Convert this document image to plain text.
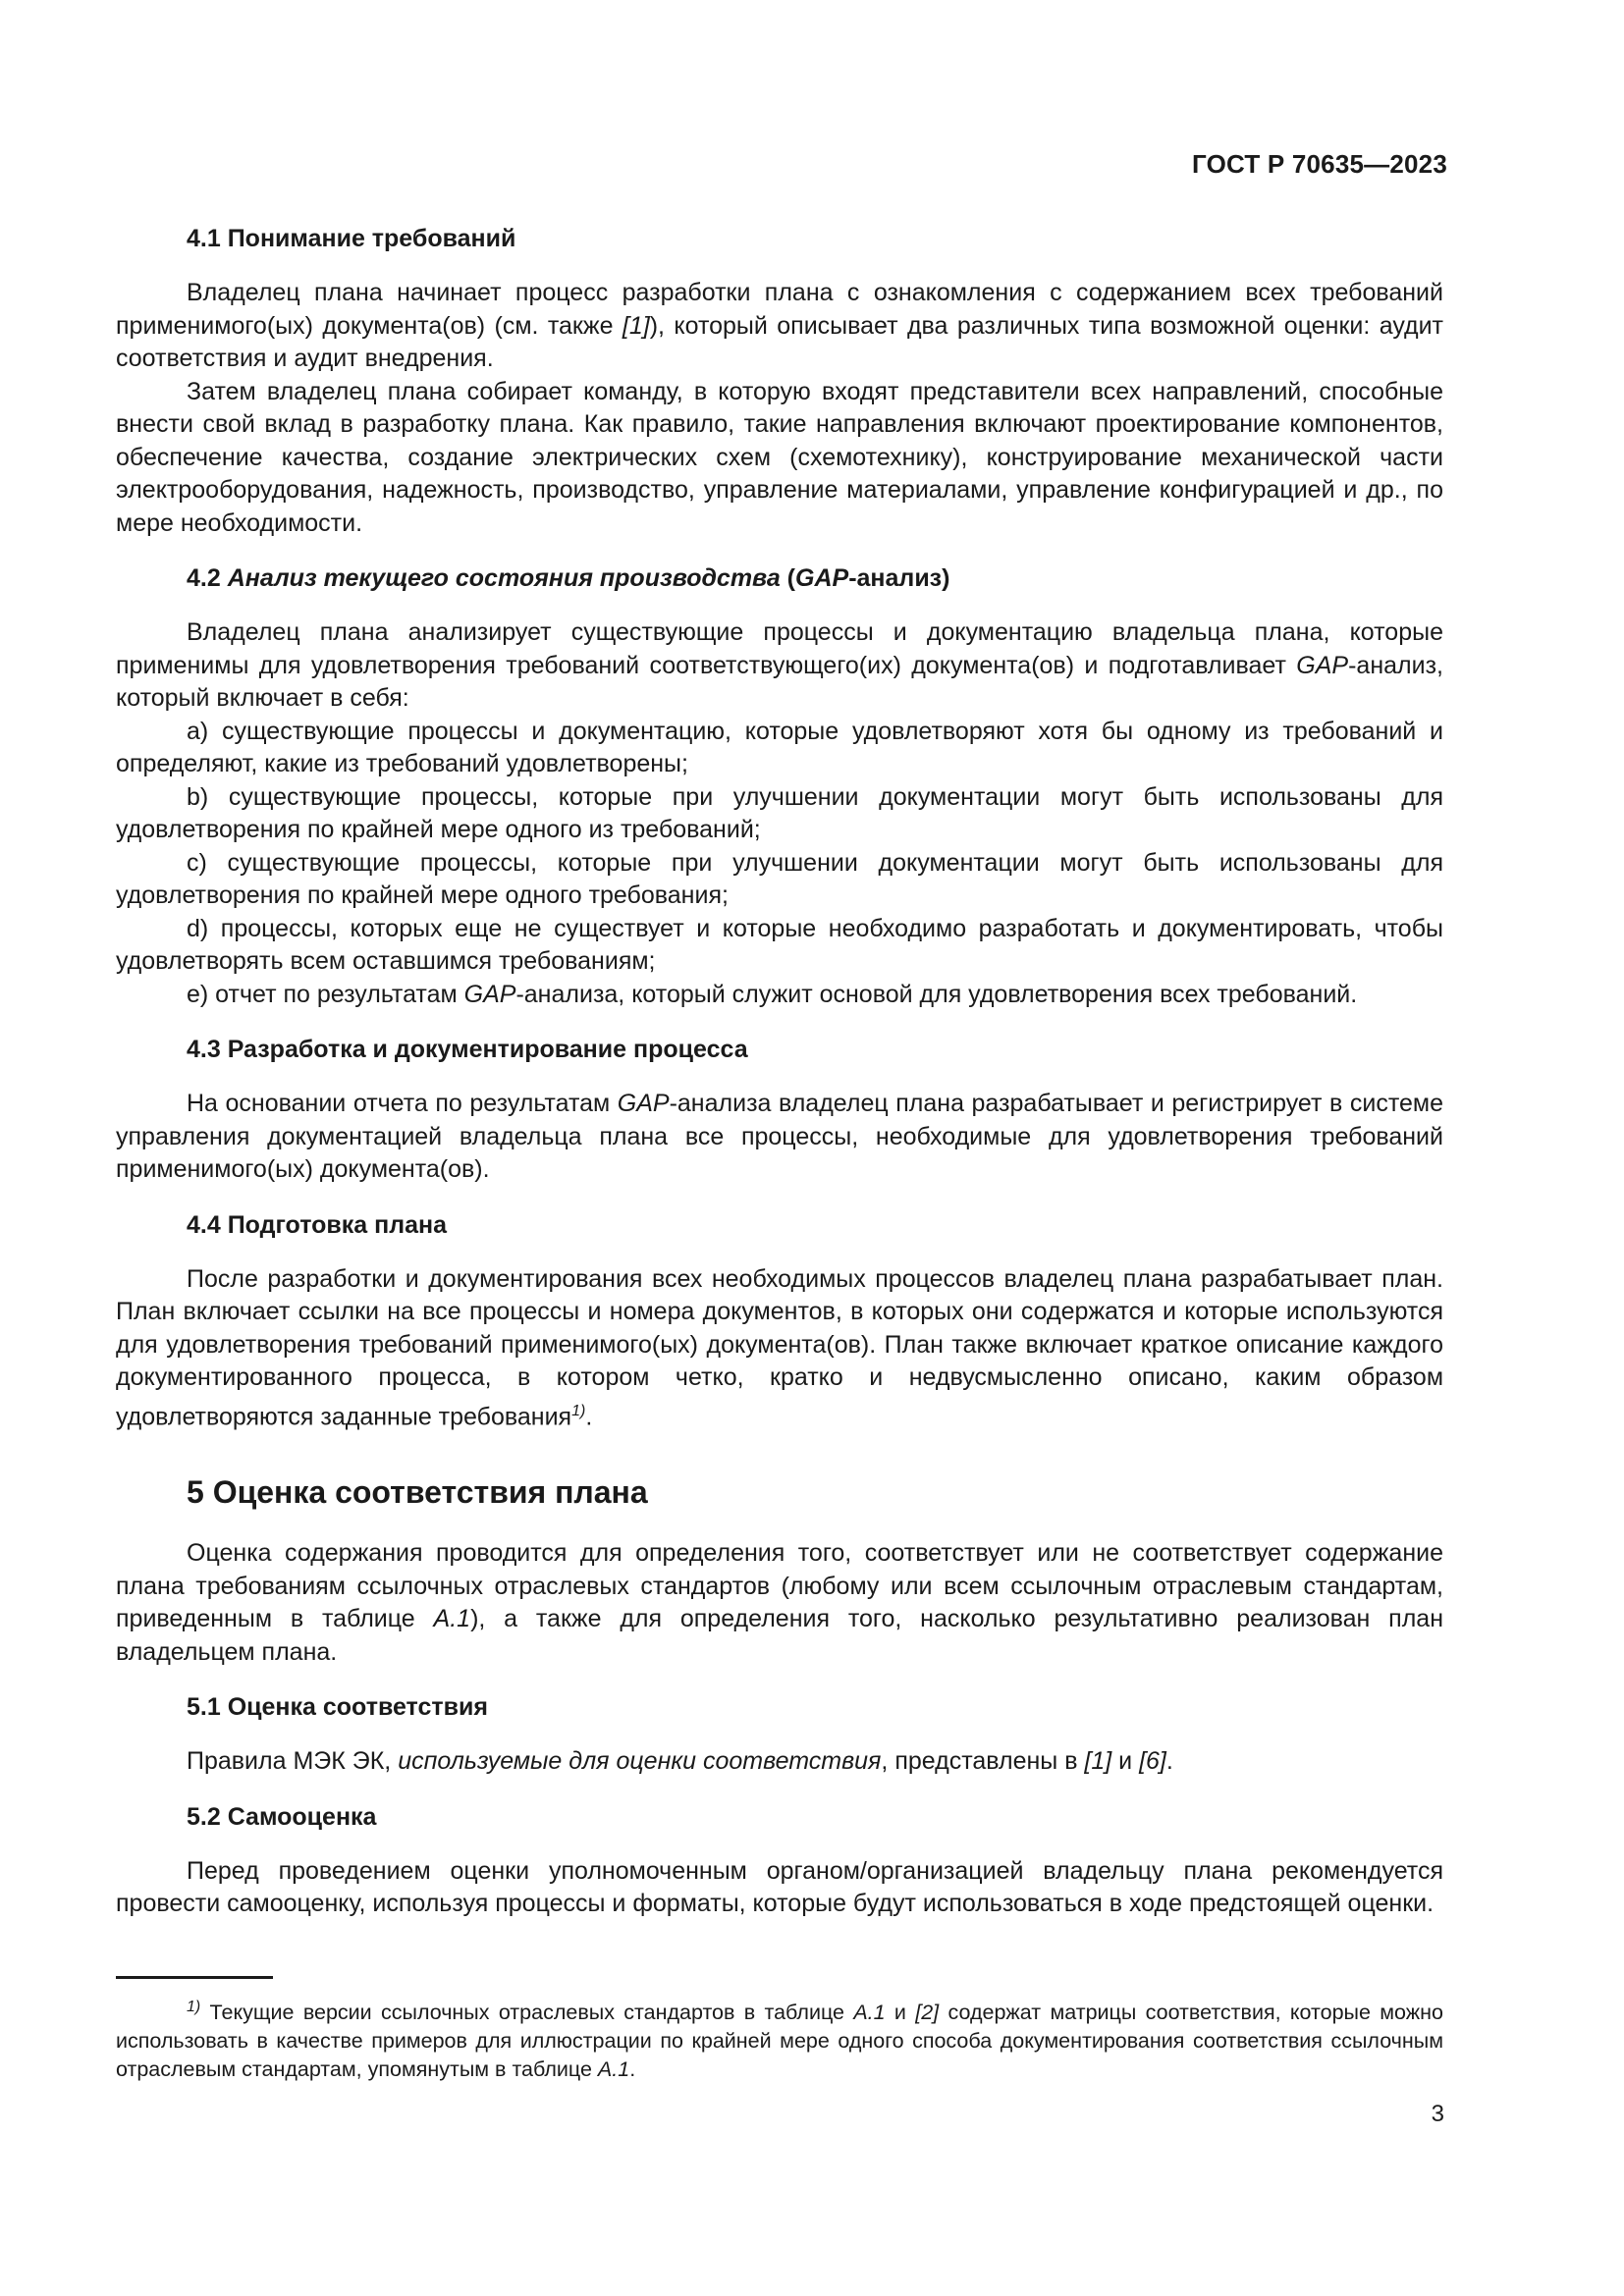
ГОСТ Р 70635—2023
4.1 Понимание требований

Владелец плана начинает процесс разработки плана с ознакомления с содержанием всех требований применимого(ых) документа(ов) (см. также [1]), который описывает два различных типа возможной оценки: аудит соответствия и аудит внедрения.

Затем владелец плана собирает команду, в которую входят представители всех направлений, способные внести свой вклад в разработку плана. Как правило, такие направления включают проектирование компонентов, обеспечение качества, создание электрических схем (схемотехнику), конструирование механической части электрооборудования, надежность, производство, управление материалами, управление конфигурацией и др., по мере необходимости.

4.2 Анализ текущего состояния производства (GAP-анализ)

Владелец плана анализирует существующие процессы и документацию владельца плана, которые применимы для удовлетворения требований соответствующего(их) документа(ов) и подготавливает GAP-анализ, который включает в себя:

a) существующие процессы и документацию, которые удовлетворяют хотя бы одному из требований и определяют, какие из требований удовлетворены;

b) существующие процессы, которые при улучшении документации могут быть использованы для удовлетворения по крайней мере одного из требований;

c) существующие процессы, которые при улучшении документации могут быть использованы для удовлетворения по крайней мере одного требования;

d) процессы, которых еще не существует и которые необходимо разработать и документировать, чтобы удовлетворять всем оставшимся требованиям;

e) отчет по результатам GAP-анализа, который служит основой для удовлетворения всех требований.

4.3 Разработка и документирование процесса

На основании отчета по результатам GAP-анализа владелец плана разрабатывает и регистрирует в системе управления документацией владельца плана все процессы, необходимые для удовлетворения требований применимого(ых) документа(ов).

4.4 Подготовка плана

После разработки и документирования всех необходимых процессов владелец плана разрабатывает план. План включает ссылки на все процессы и номера документов, в которых они содержатся и которые используются для удовлетворения требований применимого(ых) документа(ов). План также включает краткое описание каждого документированного процесса, в котором четко, кратко и недвусмысленно описано, каким образом удовлетворяются заданные требования$^{1)}$.

5 Оценка соответствия плана

Оценка содержания проводится для определения того, соответствует или не соответствует содержание плана требованиям ссылочных отраслевых стандартов (любому или всем ссылочным отраслевым стандартам, приведенным в таблице А.1), а также для определения того, насколько результативно реализован план владельцем плана.

5.1 Оценка соответствия

Правила МЭК ЭК, используемые для оценки соответствия, представлены в [1] и [6].

5.2 Самооценка

Перед проведением оценки уполномоченным органом/организацией владельцу плана рекомендуется провести самооценку, используя процессы и форматы, которые будут использоваться в ходе предстоящей оценки.

$^{1)}$ Текущие версии ссылочных отраслевых стандартов в таблице А.1 и [2] содержат матрицы соответствия, которые можно использовать в качестве примеров для иллюстрации по крайней мере одного способа документирования соответствия ссылочным отраслевым стандартам, упомянутым в таблице А.1.
3
